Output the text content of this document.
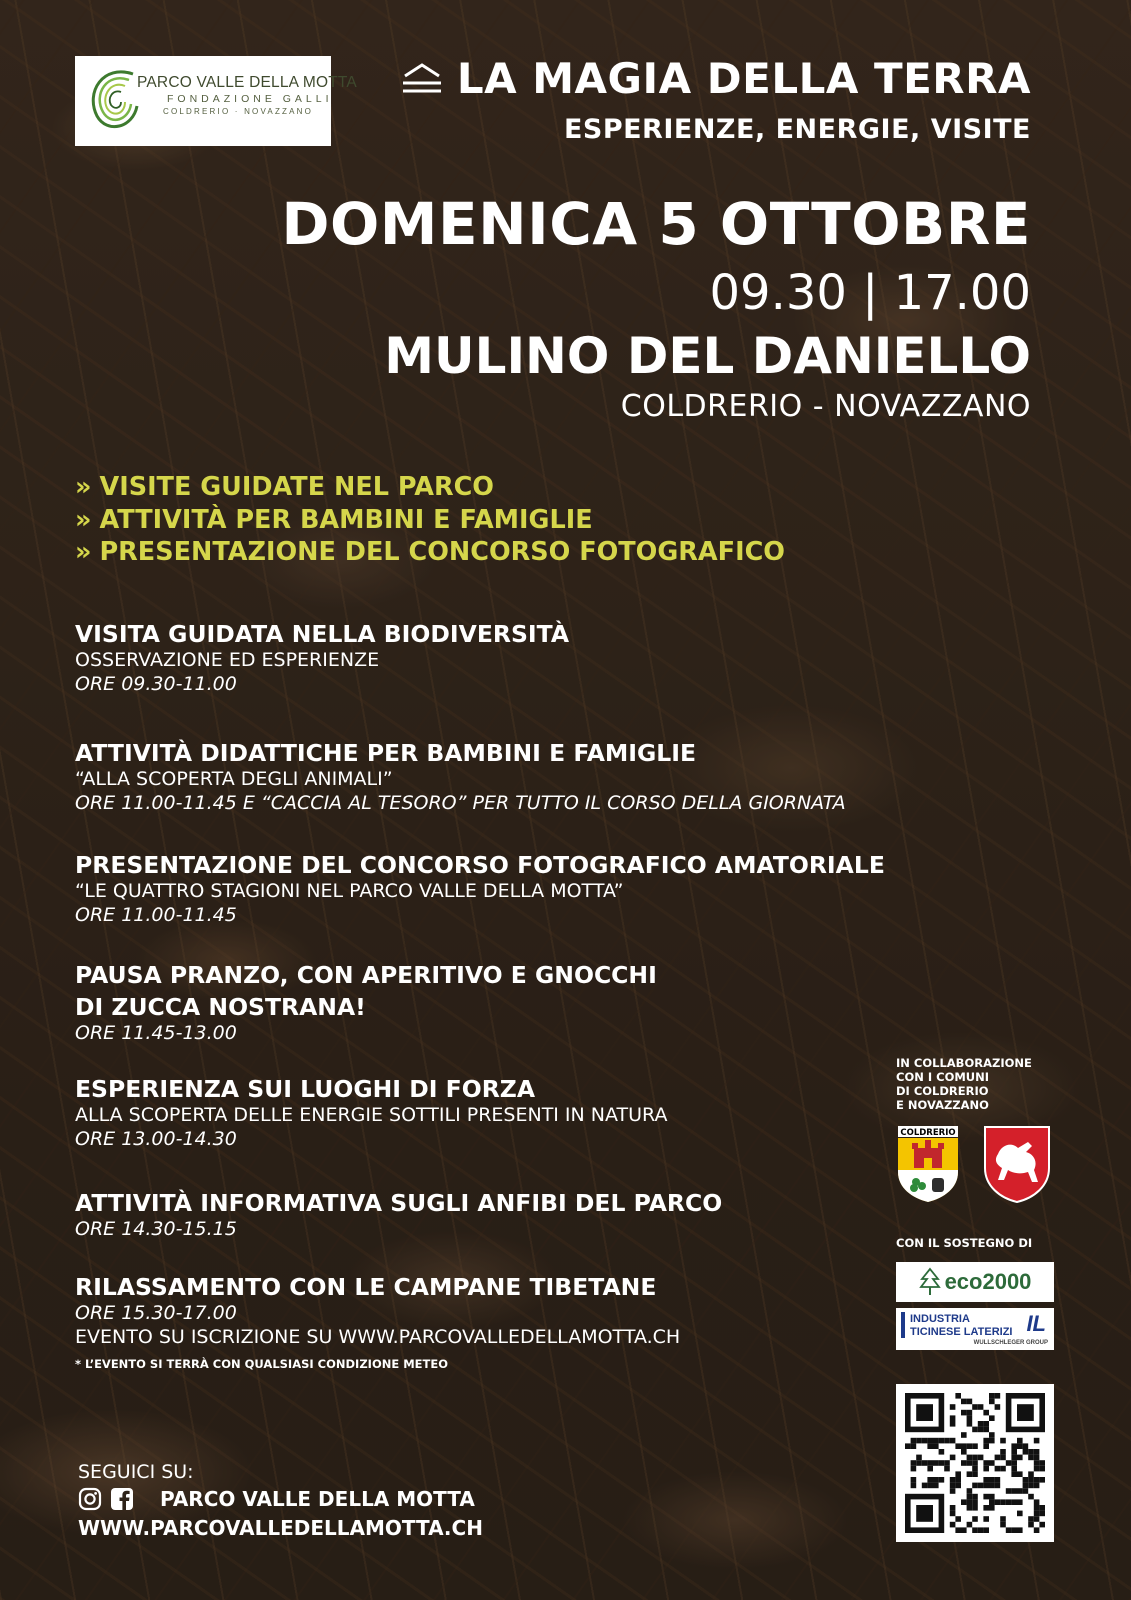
PARCO VALLE DELLA MOTTA
FONDAZIONE GALLI
COLDRERIO · NOVAZZANO
LA MAGIA DELLA TERRA
ESPERIENZE, ENERGIE, VISITE
DOMENICA 5 OTTOBRE
09.30 | 17.00
MULINO DEL DANIELLO
COLDRERIO - NOVAZZANO
» VISITE GUIDATE NEL PARCO
» ATTIVITÀ PER BAMBINI E FAMIGLIE
» PRESENTAZIONE DEL CONCORSO FOTOGRAFICO
VISITA GUIDATA NELLA BIODIVERSITÀ
OSSERVAZIONE ED ESPERIENZE
ORE 09.30-11.00
ATTIVITÀ DIDATTICHE PER BAMBINI E FAMIGLIE
“ALLA SCOPERTA DEGLI ANIMALI”
ORE 11.00-11.45 E “CACCIA AL TESORO” PER TUTTO IL CORSO DELLA GIORNATA
PRESENTAZIONE DEL CONCORSO FOTOGRAFICO AMATORIALE
“LE QUATTRO STAGIONI NEL PARCO VALLE DELLA MOTTA”
ORE 11.00-11.45
PAUSA PRANZO, CON APERITIVO E GNOCCHI
DI ZUCCA NOSTRANA!
ORE 11.45-13.00
ESPERIENZA SUI LUOGHI DI FORZA
ALLA SCOPERTA DELLE ENERGIE SOTTILI PRESENTI IN NATURA
ORE 13.00-14.30
ATTIVITÀ INFORMATIVA SUGLI ANFIBI DEL PARCO
ORE 14.30-15.15
RILASSAMENTO CON LE CAMPANE TIBETANE
ORE 15.30-17.00
EVENTO SU ISCRIZIONE SU WWW.PARCOVALLEDELLAMOTTA.CH
* L’EVENTO SI TERRÀ CON QUALSIASI CONDIZIONE METEO
SEGUICI SU:
PARCO VALLE DELLA MOTTA
WWW.PARCOVALLEDELLAMOTTA.CH
IN COLLABORAZIONE
CON I COMUNI
DI COLDRERIO
E NOVAZZANO
COLDRERIO
CON IL SOSTEGNO DI
eco2000
INDUSTRIA
TICINESE LATERIZI IL
WULLSCHLEGER GROUP
